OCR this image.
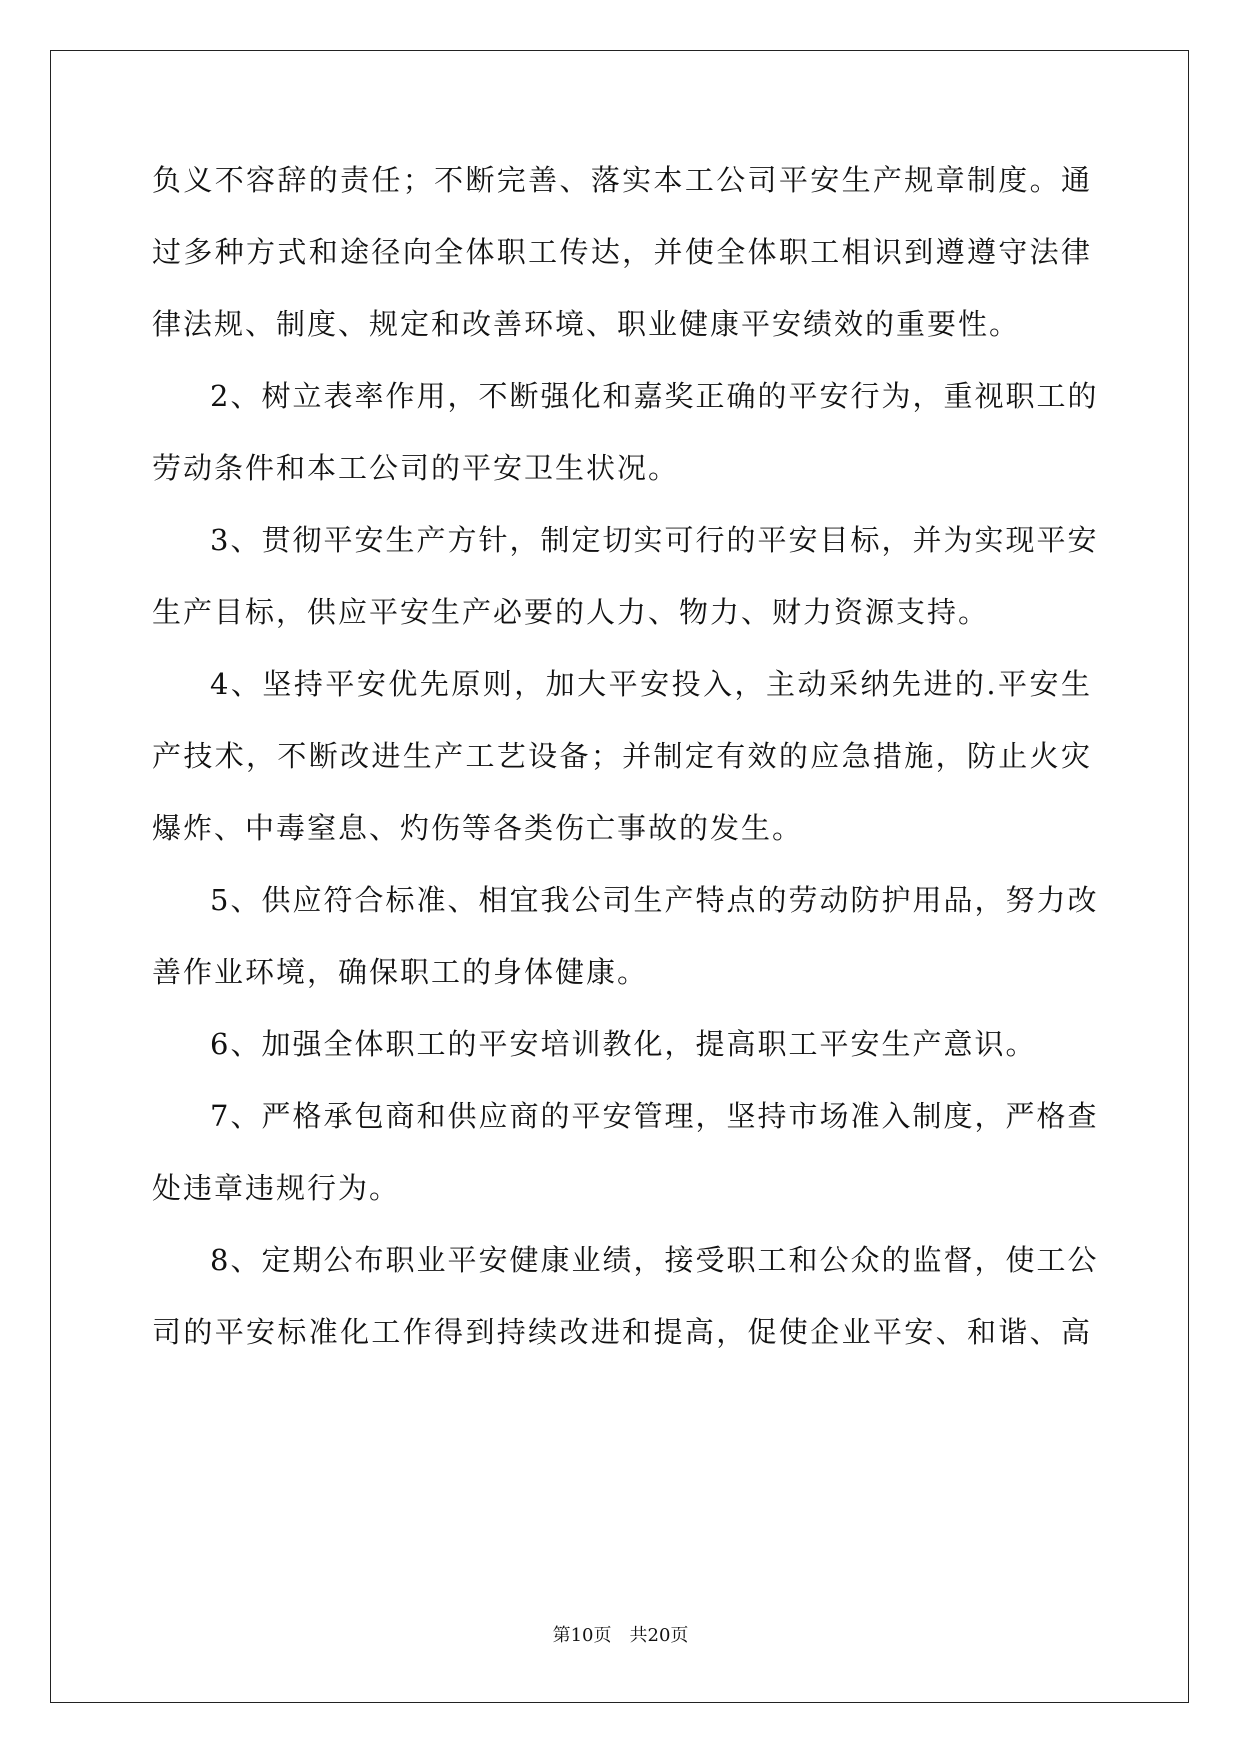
负义不容辞的责任；不断完善、落实本工公司平安生产规章制度。通
过多种方式和途径向全体职工传达，并使全体职工相识到遵遵守法律
律法规、制度、规定和改善环境、职业健康平安绩效的重要性。
2、树立表率作用，不断强化和嘉奖正确的平安行为，重视职工的
劳动条件和本工公司的平安卫生状况。
3、贯彻平安生产方针，制定切实可行的平安目标，并为实现平安
生产目标，供应平安生产必要的人力、物力、财力资源支持。
4、坚持平安优先原则，加大平安投入，主动采纳先进的.平安生
产技术，不断改进生产工艺设备；并制定有效的应急措施，防止火灾
爆炸、中毒窒息、灼伤等各类伤亡事故的发生。
5、供应符合标准、相宜我公司生产特点的劳动防护用品，努力改
善作业环境，确保职工的身体健康。
6、加强全体职工的平安培训教化，提高职工平安生产意识。
7、严格承包商和供应商的平安管理，坚持市场准入制度，严格查
处违章违规行为。
8、定期公布职业平安健康业绩，接受职工和公众的监督，使工公
司的平安标准化工作得到持续改进和提高，促使企业平安、和谐、高
第10页　共20页
